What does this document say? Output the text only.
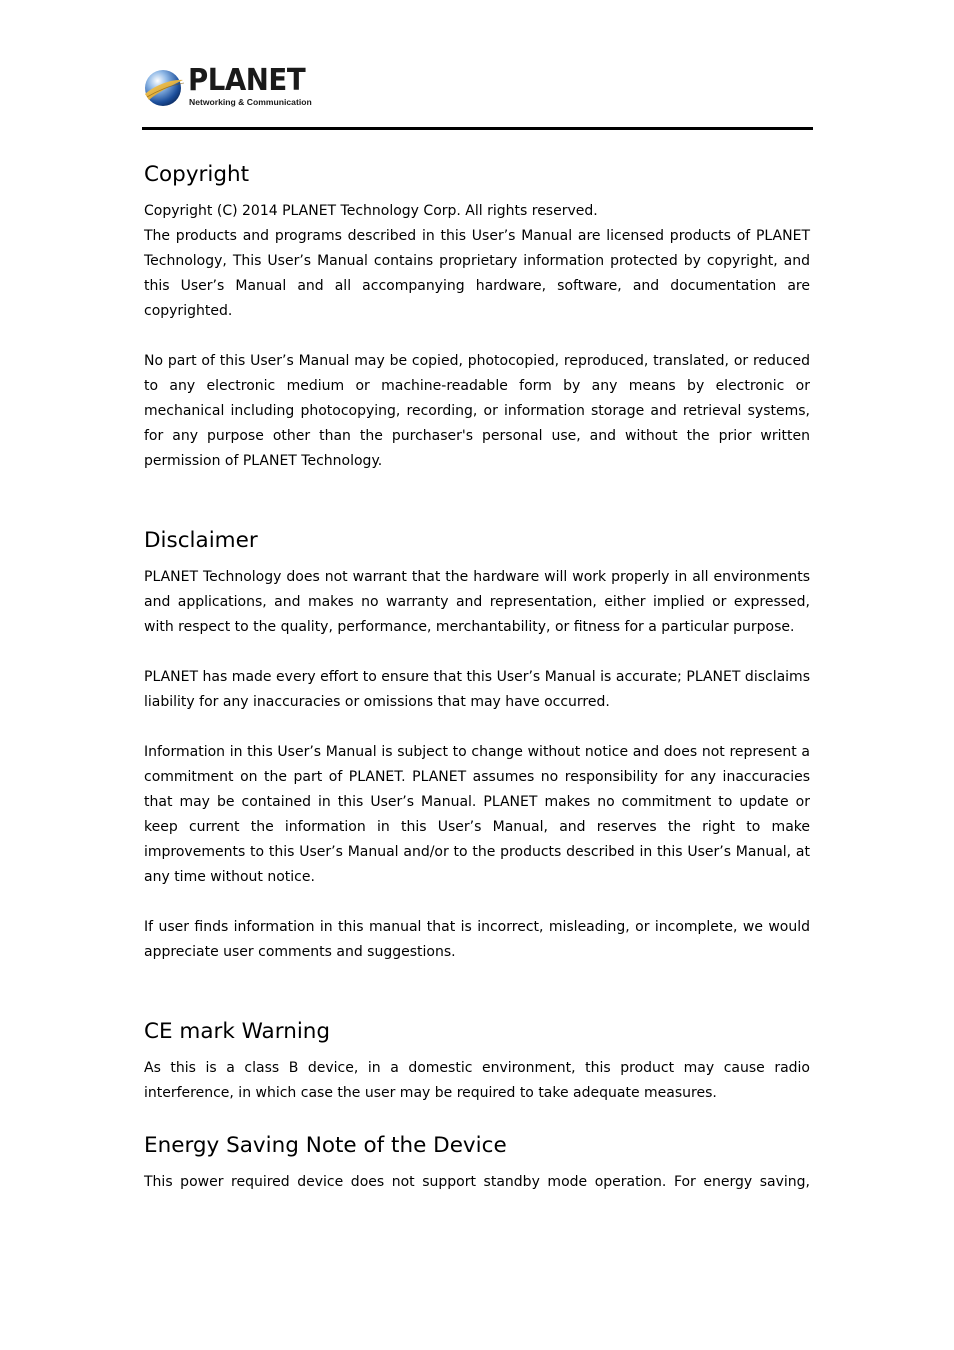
PLANET
Networking & Communication
Copyright

Copyright (C) 2014 PLANET Technology Corp. All rights reserved.

The products and programs described in this User’s Manual are licensed products of PLANET Technology, This User’s Manual contains proprietary information protected by copyright, and this User’s Manual and all accompanying hardware, software, and documentation are copyrighted.

No part of this User’s Manual may be copied, photocopied, reproduced, translated, or reduced to any electronic medium or machine-readable form by any means by electronic or mechanical including photocopying, recording, or information storage and retrieval systems, for any purpose other than the purchaser's personal use, and without the prior written permission of PLANET Technology.

Disclaimer

PLANET Technology does not warrant that the hardware will work properly in all environments and applications, and makes no warranty and representation, either implied or expressed, with respect to the quality, performance, merchantability, or fitness for a particular purpose.

PLANET has made every effort to ensure that this User’s Manual is accurate; PLANET disclaims liability for any inaccuracies or omissions that may have occurred.

Information in this User’s Manual is subject to change without notice and does not represent a commitment on the part of PLANET. PLANET assumes no responsibility for any inaccuracies that may be contained in this User’s Manual. PLANET makes no commitment to update or keep current the information in this User’s Manual, and reserves the right to make improvements to this User’s Manual and/or to the products described in this User’s Manual, at any time without notice.

If user finds information in this manual that is incorrect, misleading, or incomplete, we would appreciate user comments and suggestions.

CE mark Warning

As this is a class B device, in a domestic environment, this product may cause radio interference, in which case the user may be required to take adequate measures.

Energy Saving Note of the Device

This power required device does not support standby mode operation. For energy saving,
